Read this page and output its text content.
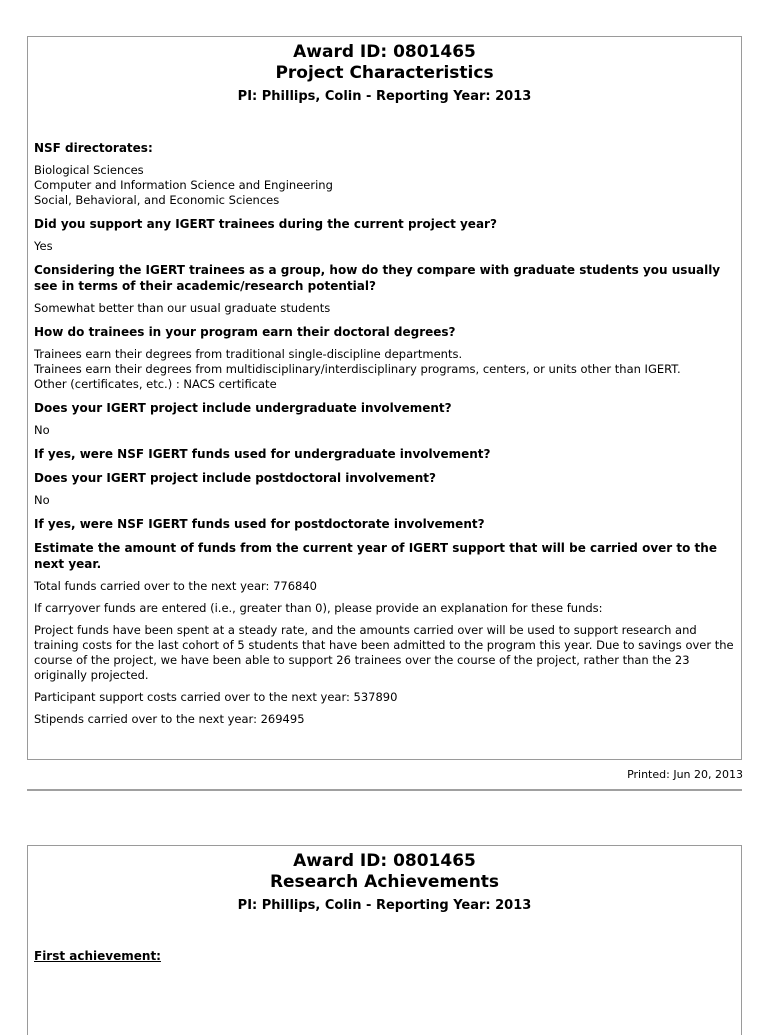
Award ID: 0801465
Project Characteristics
PI: Phillips, Colin - Reporting Year: 2013
NSF directorates:
Biological Sciences
Computer and Information Science and Engineering
Social, Behavioral, and Economic Sciences
Did you support any IGERT trainees during the current project year?
Yes
Considering the IGERT trainees as a group, how do they compare with graduate students you usually see in terms of their academic/research potential?
Somewhat better than our usual graduate students
How do trainees in your program earn their doctoral degrees?
Trainees earn their degrees from traditional single-discipline departments.
Trainees earn their degrees from multidisciplinary/interdisciplinary programs, centers, or units other than IGERT.
Other (certificates, etc.) : NACS certificate
Does your IGERT project include undergraduate involvement?
No
If yes, were NSF IGERT funds used for undergraduate involvement?
Does your IGERT project include postdoctoral involvement?
No
If yes, were NSF IGERT funds used for postdoctorate involvement?
Estimate the amount of funds from the current year of IGERT support that will be carried over to the next year.
Total funds carried over to the next year: 776840
If carryover funds are entered (i.e., greater than 0), please provide an explanation for these funds:
Project funds have been spent at a steady rate, and the amounts carried over will be used to support research and training costs for the last cohort of 5 students that have been admitted to the program this year. Due to savings over the course of the project, we have been able to support 26 trainees over the course of the project, rather than the 23 originally projected.
Participant support costs carried over to the next year: 537890
Stipends carried over to the next year: 269495
Printed: Jun 20, 2013
Award ID: 0801465
Research Achievements
PI: Phillips, Colin - Reporting Year: 2013
First achievement:
